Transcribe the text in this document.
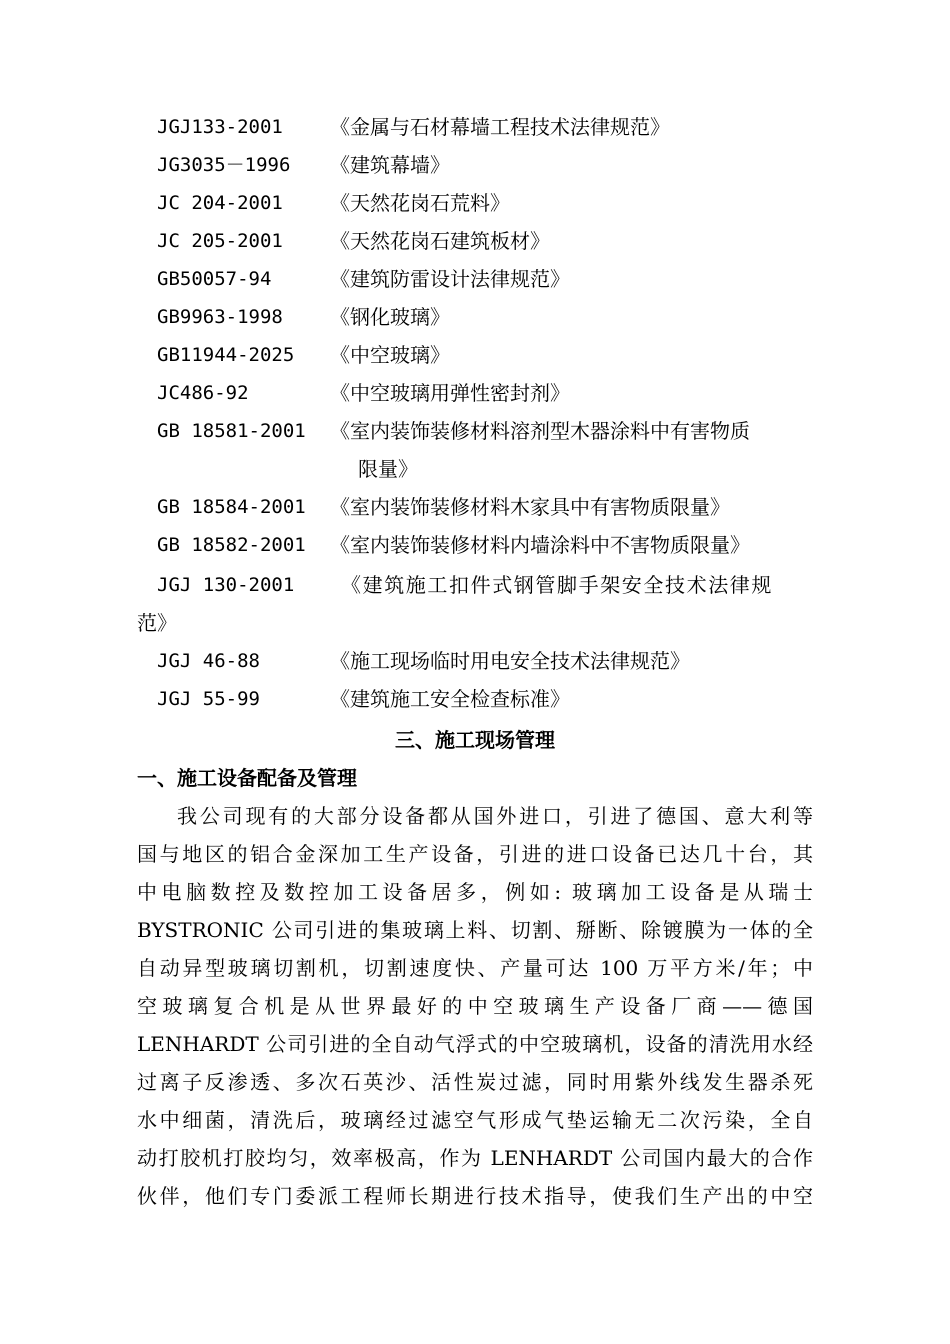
JGJ133-2001 《金属与石材幕墙工程技术法律规范》
JG3035－1996 《建筑幕墙》
JC 204-2001 《天然花岗石荒料》
JC 205-2001 《天然花岗石建筑板材》
GB50057-94	《建筑防雷设计法律规范》
GB9963-1998 《钢化玻璃》
GB11944-2025 《中空玻璃》
JC486-92	《中空玻璃用弹性密封剂》
GB 18581-2001 《室内装饰装修材料溶剂型木器涂料中有害物质
限量》
GB 18584-2001 《室内装饰装修材料木家具中有害物质限量》
GB 18582-2001 《室内装饰装修材料内墙涂料中不害物质限量》
JGJ 130-2001 《建筑施工扣件式钢管脚手架安全技术法律规
范》
JGJ 46-88	《施工现场临时用电安全技术法律规范》
JGJ 55-99	《建筑施工安全检查标准》
三、施工现场管理
一、施工设备配备及管理
我公司现有的大部分设备都从国外进口，引进了德国、意大利等
国与地区的铝合金深加工生产设备，引进的进口设备已达几十台，其
中电脑数控及数控加工设备居多，例如: 玻璃加工设备是从瑞士
BYSTRONIC 公司引进的集玻璃上料、切割、掰断、除镀膜为一体的全
自动异型玻璃切割机，切割速度快、产量可达 100 万平方米/年；中
空玻璃复合机是从世界最好的中空玻璃生产设备厂商——德国
LENHARDT 公司引进的全自动气浮式的中空玻璃机，设备的清洗用水经
过离子反渗透、多次石英沙、活性炭过滤，同时用紫外线发生器杀死
水中细菌，清洗后，玻璃经过滤空气形成气垫运输无二次污染，全自
动打胶机打胶均匀，效率极高，作为 LENHARDT 公司国内最大的合作
伙伴，他们专门委派工程师长期进行技术指导，使我们生产出的中空
